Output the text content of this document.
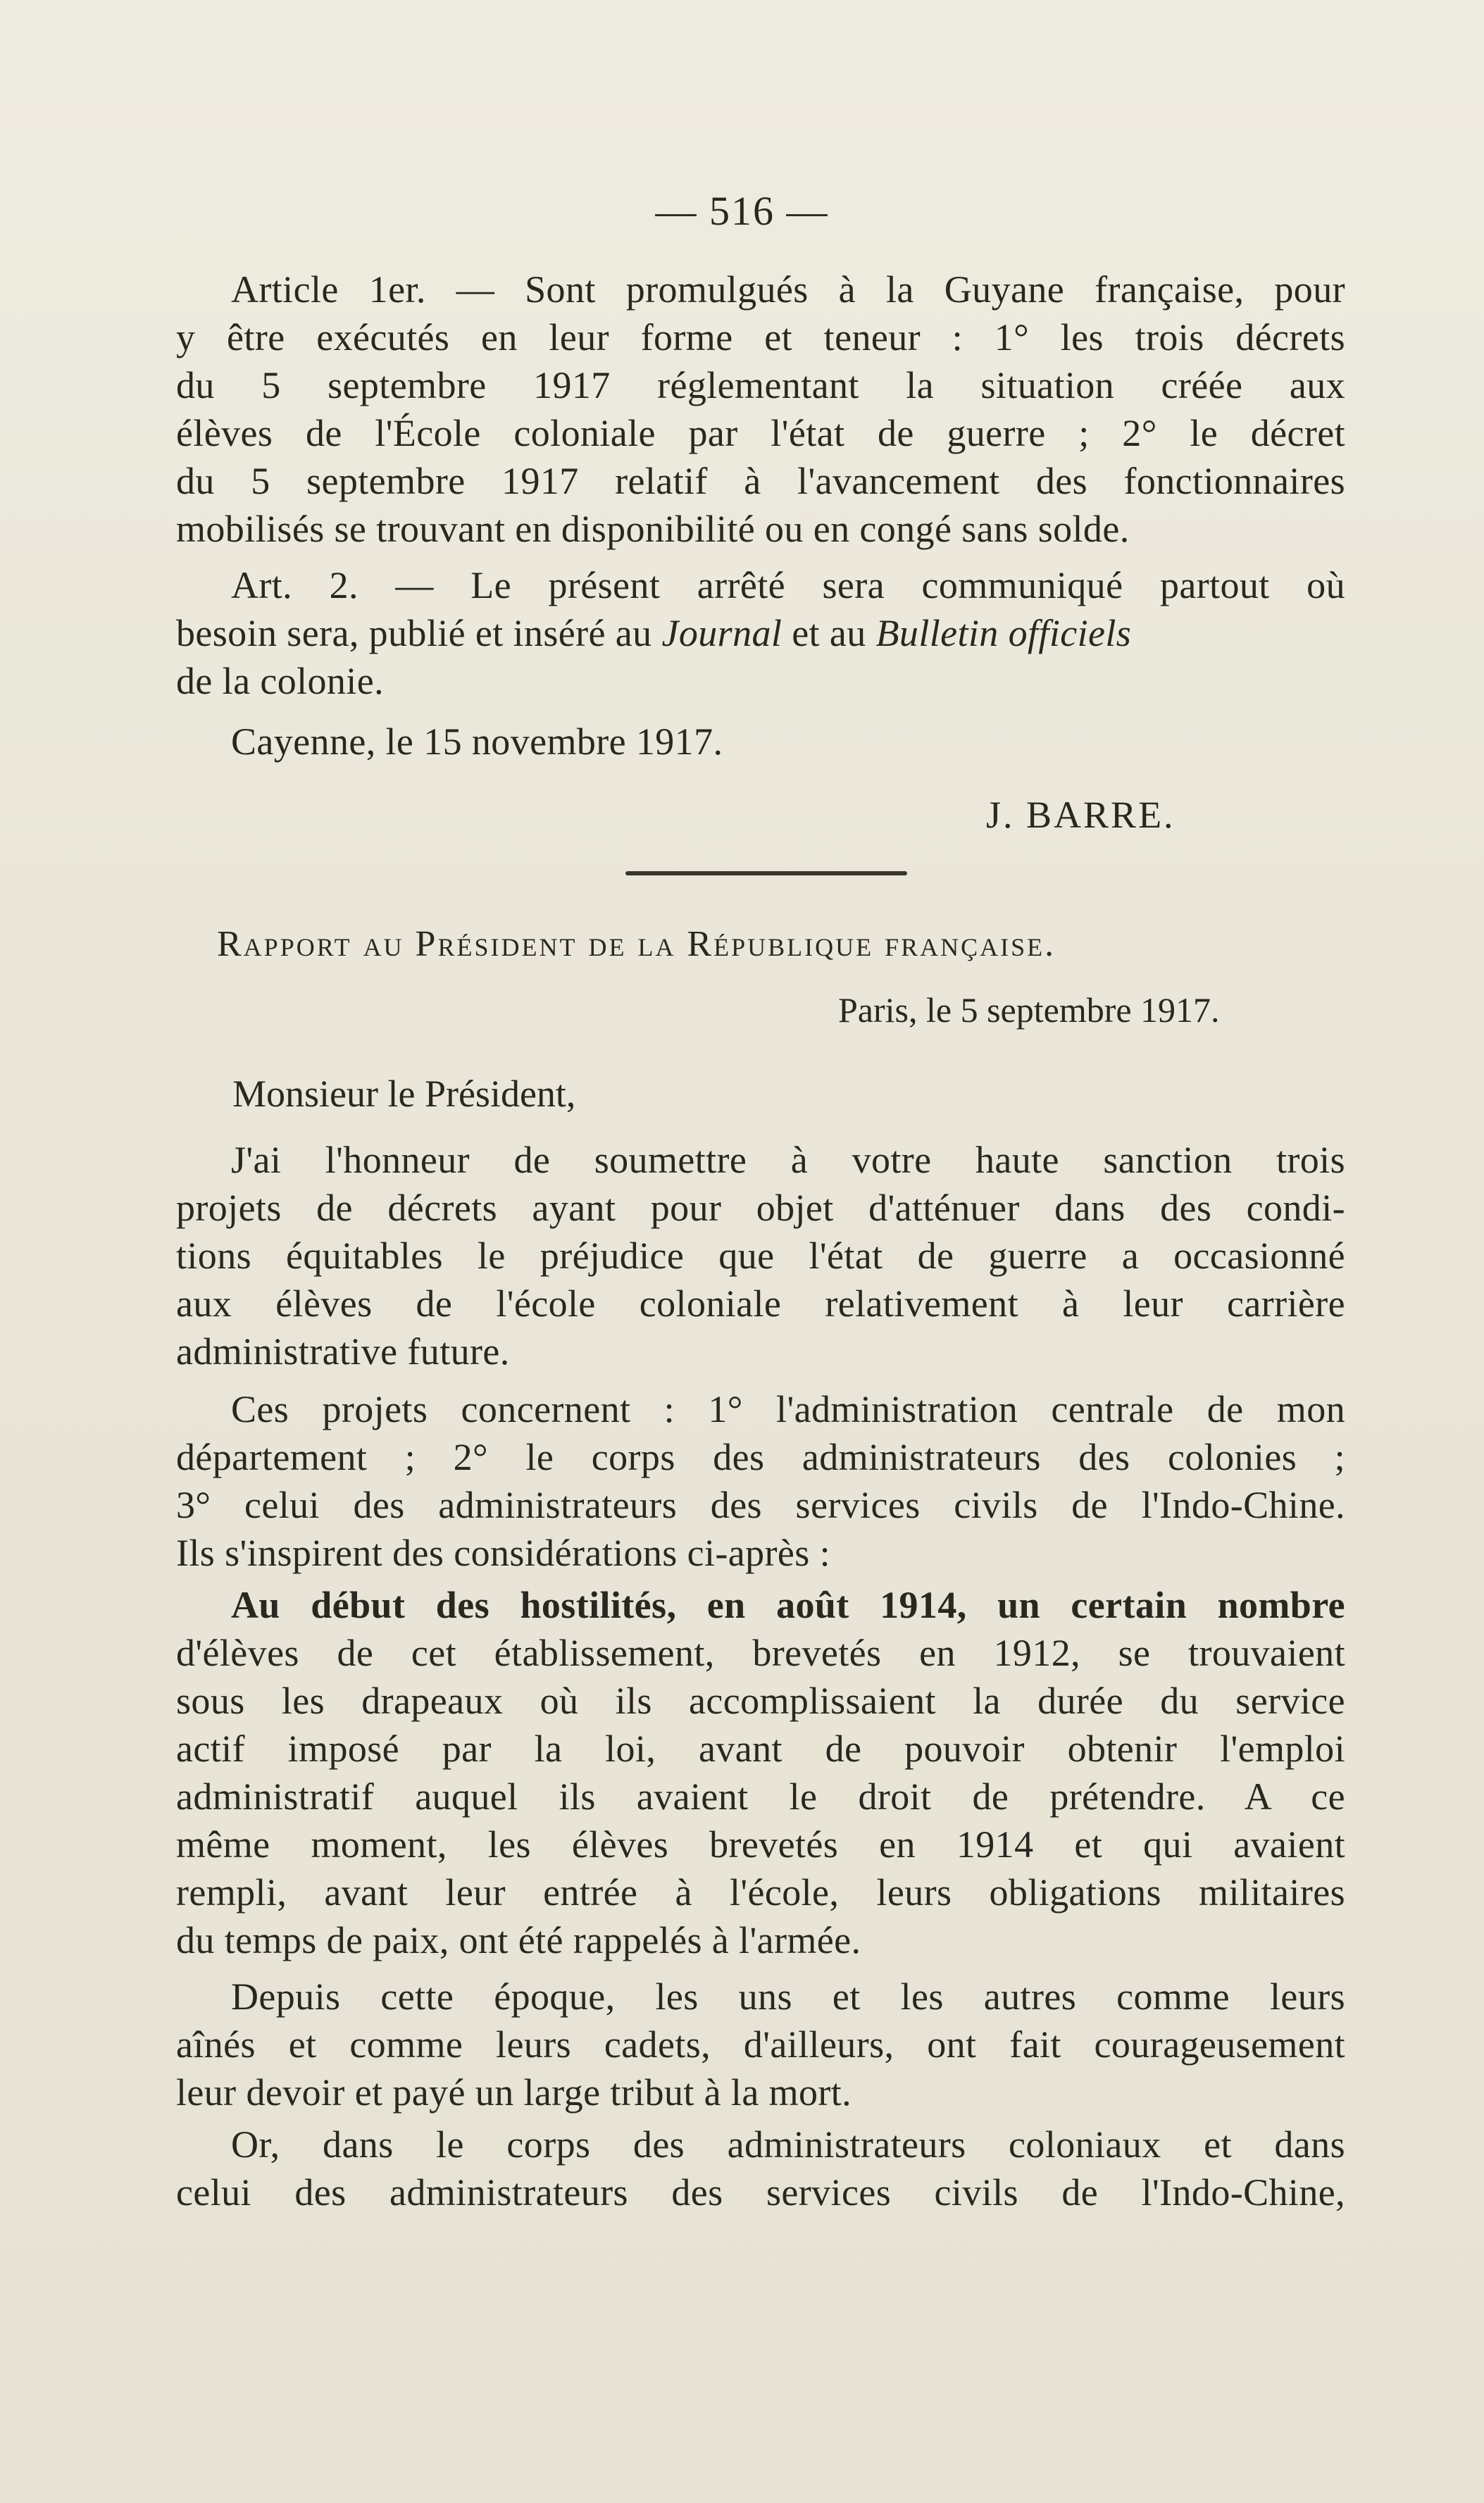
— 516 —
Article 1er. — Sont promulgués à la Guyane française, pour
y être exécutés en leur forme et teneur : 1° les trois décrets
du 5 septembre 1917 réglementant la situation créée aux
élèves de l'École coloniale par l'état de guerre ; 2° le décret
du 5 septembre 1917 relatif à l'avancement des fonctionnaires
mobilisés se trouvant en disponibilité ou en congé sans solde.
Art. 2. — Le présent arrêté sera communiqué partout où
besoin sera, publié et inséré au Journal et au Bulletin officiels
de la colonie.
Cayenne, le 15 novembre 1917.
J. BARRE.
Rapport au Président de la République française.
Paris, le 5 septembre 1917.
Monsieur le Président,
J'ai l'honneur de soumettre à votre haute sanction trois
projets de décrets ayant pour objet d'atténuer dans des condi-
tions équitables le préjudice que l'état de guerre a occasionné
aux élèves de l'école coloniale relativement à leur carrière
administrative future.
Ces projets concernent : 1° l'administration centrale de mon
département ; 2° le corps des administrateurs des colonies ;
3° celui des administrateurs des services civils de l'Indo-Chine.
Ils s'inspirent des considérations ci-après :
Au début des hostilités, en août 1914, un certain nombre
d'élèves de cet établissement, brevetés en 1912, se trouvaient
sous les drapeaux où ils accomplissaient la durée du service
actif imposé par la loi, avant de pouvoir obtenir l'emploi
administratif auquel ils avaient le droit de prétendre. A ce
même moment, les élèves brevetés en 1914 et qui avaient
rempli, avant leur entrée à l'école, leurs obligations militaires
du temps de paix, ont été rappelés à l'armée.
Depuis cette époque, les uns et les autres comme leurs
aînés et comme leurs cadets, d'ailleurs, ont fait courageusement
leur devoir et payé un large tribut à la mort.
Or, dans le corps des administrateurs coloniaux et dans
celui des administrateurs des services civils de l'Indo-Chine,
